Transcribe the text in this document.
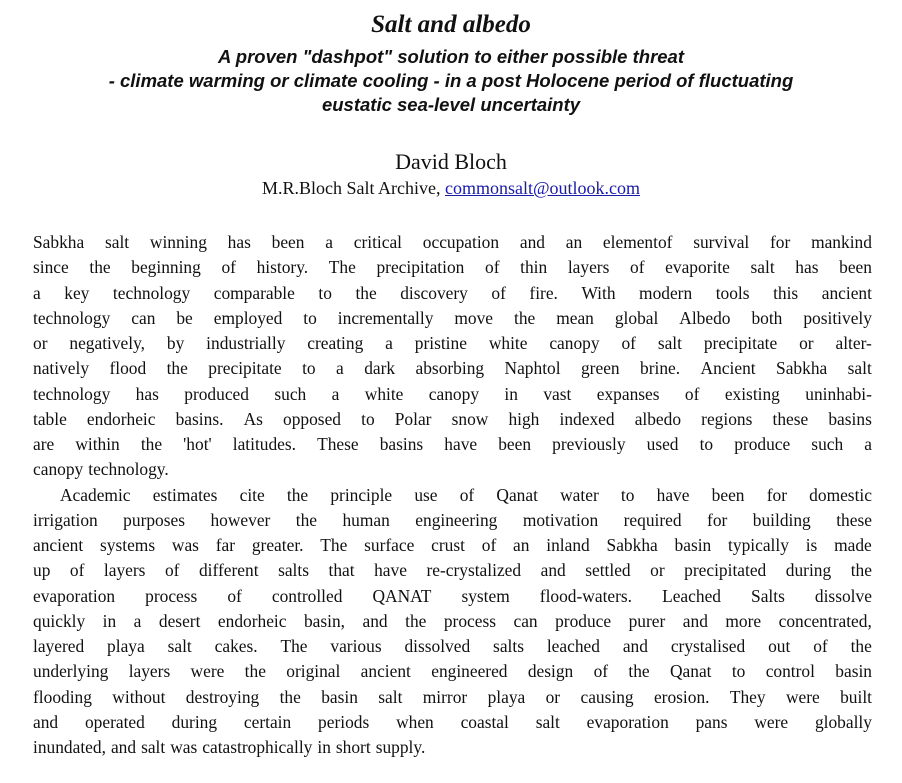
Salt and albedo
A proven "dashpot" solution to either possible threat
- climate warming or climate cooling - in a post Holocene period of fluctuating
eustatic sea-level uncertainty
David Bloch
M.R.Bloch Salt Archive, commonsalt@outlook.com
Sabkha salt winning has been a critical occupation and an elementof survival for mankind
since the beginning of history. The precipitation of thin layers of evaporite salt has been
a key technology comparable to the discovery of fire. With modern tools this ancient
technology can be employed to incrementally move the mean global Albedo both positively
or negatively, by industrially creating a pristine white canopy of salt precipitate or alter-
natively flood the precipitate to a dark absorbing Naphtol green brine. Ancient Sabkha salt
technology has produced such a white canopy in vast expanses of existing uninhabi-
table endorheic basins. As opposed to Polar snow high indexed albedo regions these basins
are within the 'hot' latitudes. These basins have been previously used to produce such a
canopy technology.
Academic estimates cite the principle use of Qanat water to have been for domestic
irrigation purposes however the human engineering motivation required for building these
ancient systems was far greater. The surface crust of an inland Sabkha basin typically is made
up of layers of different salts that have re-crystalized and settled or precipitated during the
evaporation process of controlled QANAT system flood-waters. Leached Salts dissolve
quickly in a desert endorheic basin, and the process can produce purer and more concentrated,
layered playa salt cakes. The various dissolved salts leached and crystalised out of the
underlying layers were the original ancient engineered design of the Qanat to control basin
flooding without destroying the basin salt mirror playa or causing erosion. They were built
and operated during certain periods when coastal salt evaporation pans were globally
inundated, and salt was catastrophically in short supply.
